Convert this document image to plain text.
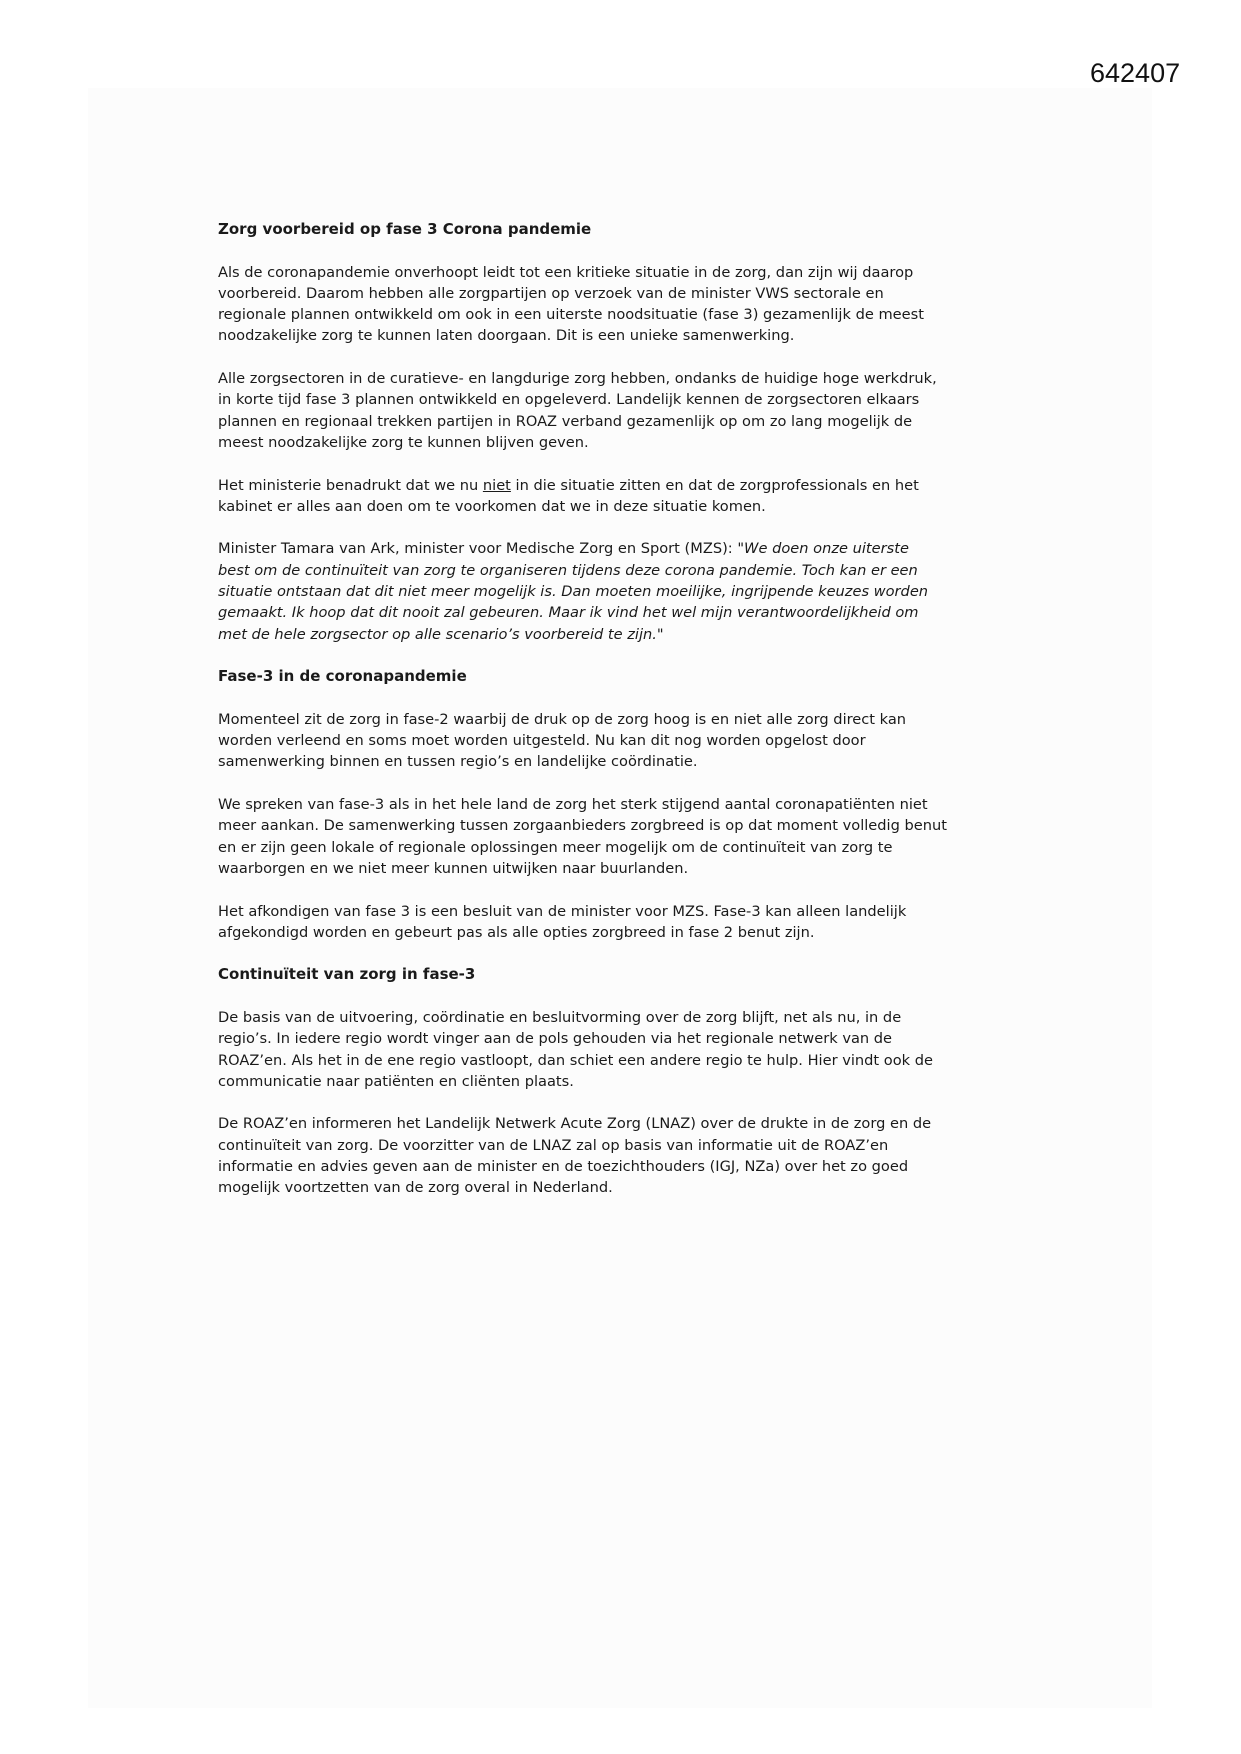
642407
Zorg voorbereid op fase 3 Corona pandemie
Als de coronapandemie onverhoopt leidt tot een kritieke situatie in de zorg, dan zijn wij daarop
voorbereid. Daarom hebben alle zorgpartijen op verzoek van de minister VWS sectorale en
regionale plannen ontwikkeld om ook in een uiterste noodsituatie (fase 3) gezamenlijk de meest
noodzakelijke zorg te kunnen laten doorgaan. Dit is een unieke samenwerking.
Alle zorgsectoren in de curatieve- en langdurige zorg hebben, ondanks de huidige hoge werkdruk,
in korte tijd fase 3 plannen ontwikkeld en opgeleverd. Landelijk kennen de zorgsectoren elkaars
plannen en regionaal trekken partijen in ROAZ verband gezamenlijk op om zo lang mogelijk de
meest noodzakelijke zorg te kunnen blijven geven.
Het ministerie benadrukt dat we nu niet in die situatie zitten en dat de zorgprofessionals en het
kabinet er alles aan doen om te voorkomen dat we in deze situatie komen.
Minister Tamara van Ark, minister voor Medische Zorg en Sport (MZS): "We doen onze uiterste
best om de continuïteit van zorg te organiseren tijdens deze corona pandemie. Toch kan er een
situatie ontstaan dat dit niet meer mogelijk is. Dan moeten moeilijke, ingrijpende keuzes worden
gemaakt. Ik hoop dat dit nooit zal gebeuren. Maar ik vind het wel mijn verantwoordelijkheid om
met de hele zorgsector op alle scenario’s voorbereid te zijn."
Fase-3 in de coronapandemie
Momenteel zit de zorg in fase-2 waarbij de druk op de zorg hoog is en niet alle zorg direct kan
worden verleend en soms moet worden uitgesteld. Nu kan dit nog worden opgelost door
samenwerking binnen en tussen regio’s en landelijke coördinatie.
We spreken van fase-3 als in het hele land de zorg het sterk stijgend aantal coronapatiënten niet
meer aankan. De samenwerking tussen zorgaanbieders zorgbreed is op dat moment volledig benut
en er zijn geen lokale of regionale oplossingen meer mogelijk om de continuïteit van zorg te
waarborgen en we niet meer kunnen uitwijken naar buurlanden.
Het afkondigen van fase 3 is een besluit van de minister voor MZS. Fase-3 kan alleen landelijk
afgekondigd worden en gebeurt pas als alle opties zorgbreed in fase 2 benut zijn.
Continuïteit van zorg in fase-3
De basis van de uitvoering, coördinatie en besluitvorming over de zorg blijft, net als nu, in de
regio’s. In iedere regio wordt vinger aan de pols gehouden via het regionale netwerk van de
ROAZ’en. Als het in de ene regio vastloopt, dan schiet een andere regio te hulp. Hier vindt ook de
communicatie naar patiënten en cliënten plaats.
De ROAZ’en informeren het Landelijk Netwerk Acute Zorg (LNAZ) over de drukte in de zorg en de
continuïteit van zorg. De voorzitter van de LNAZ zal op basis van informatie uit de ROAZ’en
informatie en advies geven aan de minister en de toezichthouders (IGJ, NZa) over het zo goed
mogelijk voortzetten van de zorg overal in Nederland.
